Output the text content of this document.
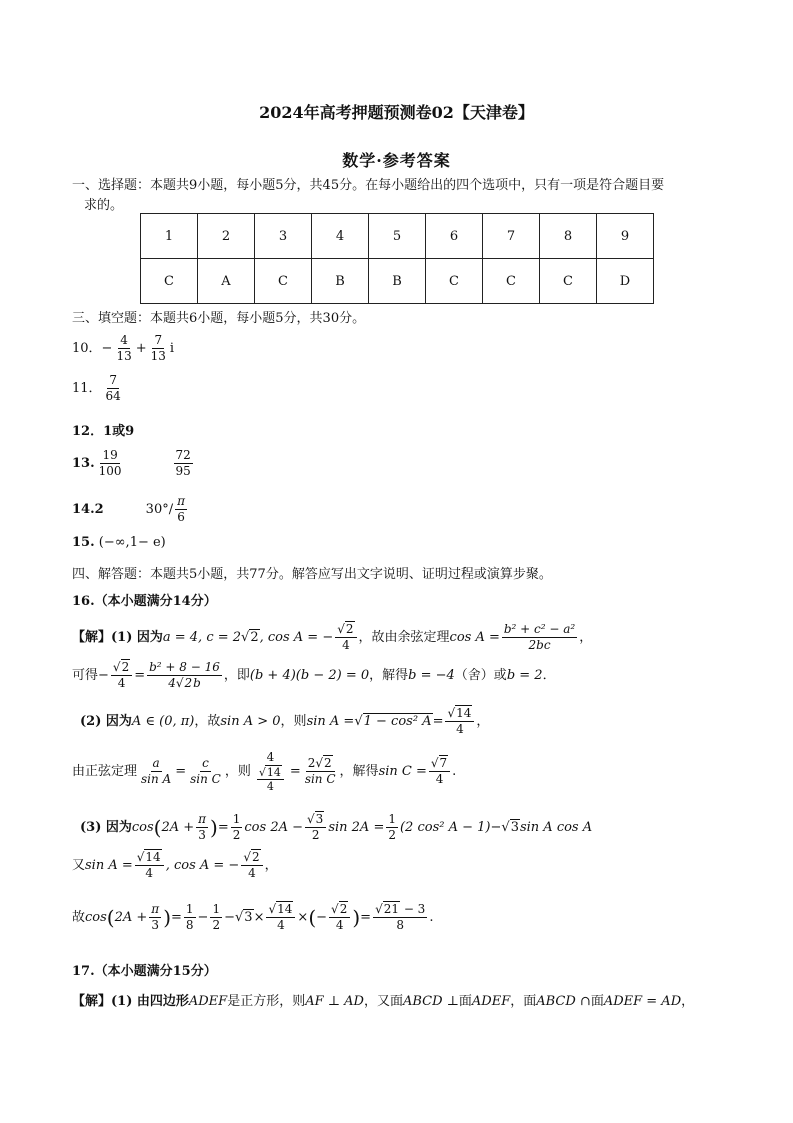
2024年高考押题预测卷02【天津卷】
数学·参考答案
一、选择题：本题共9小题，每小题5分，共45分。在每小题给出的四个选项中，只有一项是符合题目要
求的。
1	2	3	4	5	6	7	8	9
C	A	C	B	B	C	C	C	D
三、填空题：本题共6小题，每小题5分，共30分。
10．− $\frac{4}{13} + \frac{7}{13}$ i
11． $\frac{7}{64}$
12．1或9
13. $\frac{19}{100}$	$\frac{72}{95}$
14.2	$30^\circ/ \frac{\pi}{6}$
15. (−∞,1− e)
四、解答题：本题共5小题，共77分。解答应写出文字说明、证明过程或演算步聚。
16.（本小题满分14分）
【解】(1) 因为a = 4, c = 2√2, cos A = − $\frac{√2}{4}$ ，故由余弦定理$\cos A = \frac{\text{b² + c² − a²}}{2bc}$ ，
可得− $\frac{√2}{4} = \frac{\text{b² + 8 − 16}}{4√2b}$ ，即(b + 4)(b − 2) = 0，解得b = −4（舍）或b = 2．
(2) 因为A ∈ (0, π)，故sin A > 0，则sin A =√1 − cos² $A= \frac{√14}{4}$ ，
由正弦定理 $\frac{a}{\text{sin A}} = \frac{c}{\text{sin C}}$ ，则 $\frac{4}{\frac{√14}{4}} = \frac{2√2}{\text{sin C}}$ ，解得$\sin C = \frac{√7}{4}$ .
(3) 因为$\cos(2A + \frac{\pi}{3}$ )= $\frac{1}{2}$ $\cos 2A - \frac{√3}{2}$ $\sin 2A = \frac{1}{2} (2$ cos² A − 1)−√3sin A cos A
又$\sin A = \frac{√14}{4}$ , cos A = − $\frac{√2}{4}$ ，
故$\cos(2A + \frac{\pi}{3}$ )= $\frac{1}{8} - \frac{1}{2} -√3\times \frac{√14}{4}$ ×(− $\frac{√2}{4}$ )= $\frac{√21 - 3}{8}$ .
17.（本小题满分15分）
【解】(1) 由四边形ADEF是正方形，则AF ⊥ AD，又面ABCD ⊥面ADEF，面ABCD ∩面ADEF = AD，
